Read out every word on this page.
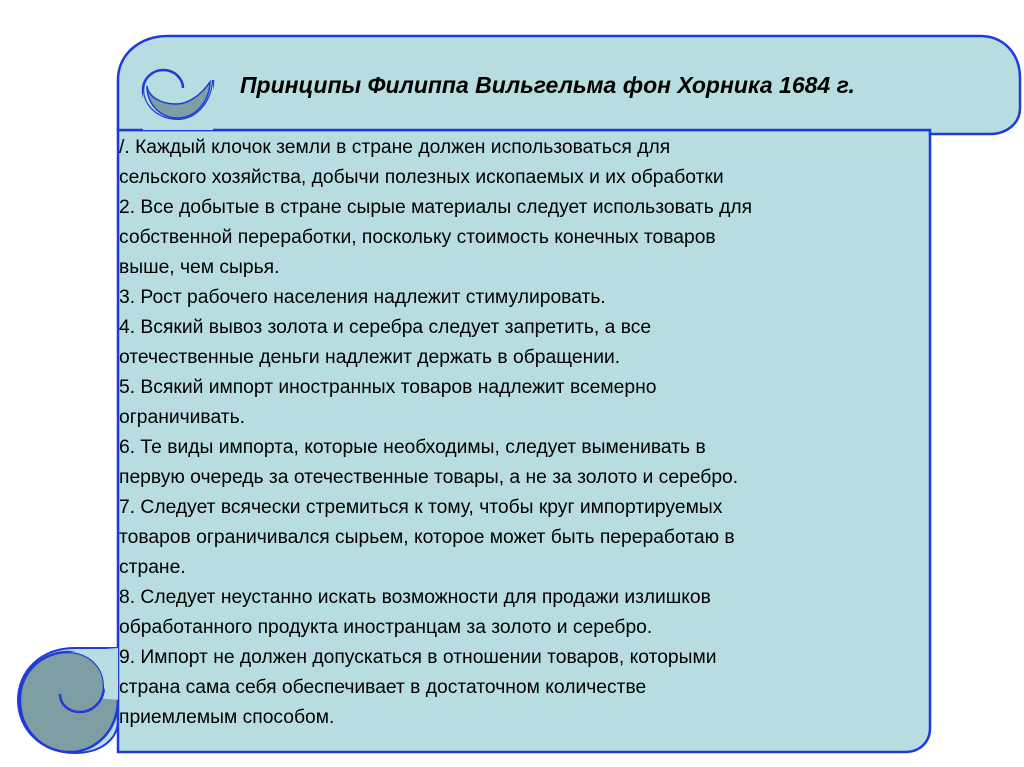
Принципы Филиппа Вильгельма фон Хорника 1684 г.
/. Каждый клочок земли в стране должен использоваться для
сельского хозяйства, добычи полезных ископаемых и их обработки
2. Все добытые в стране сырые материалы следует использовать для
собственной переработки, поскольку стоимость конечных товаров
выше, чем сырья.
3. Рост рабочего населения надлежит стимулировать.
4. Всякий вывоз золота и серебра следует запретить, а все
отечественные деньги надлежит держать в обращении.
5. Всякий импорт иностранных товаров надлежит всемерно
ограничивать.
6. Те виды импорта, которые необходимы, следует выменивать в
первую очередь за отечественные товары, а не за золото и серебро.
7. Следует всячески стремиться к тому, чтобы круг импортируемых
товаров ограничивался сырьем, которое может быть переработаю в
стране.
8. Следует неустанно искать возможности для продажи излишков
обработанного продукта иностранцам за золото и серебро.
9. Импорт не должен допускаться в отношении товаров, которыми
страна сама себя обеспечивает в достаточном количестве
приемлемым способом.
